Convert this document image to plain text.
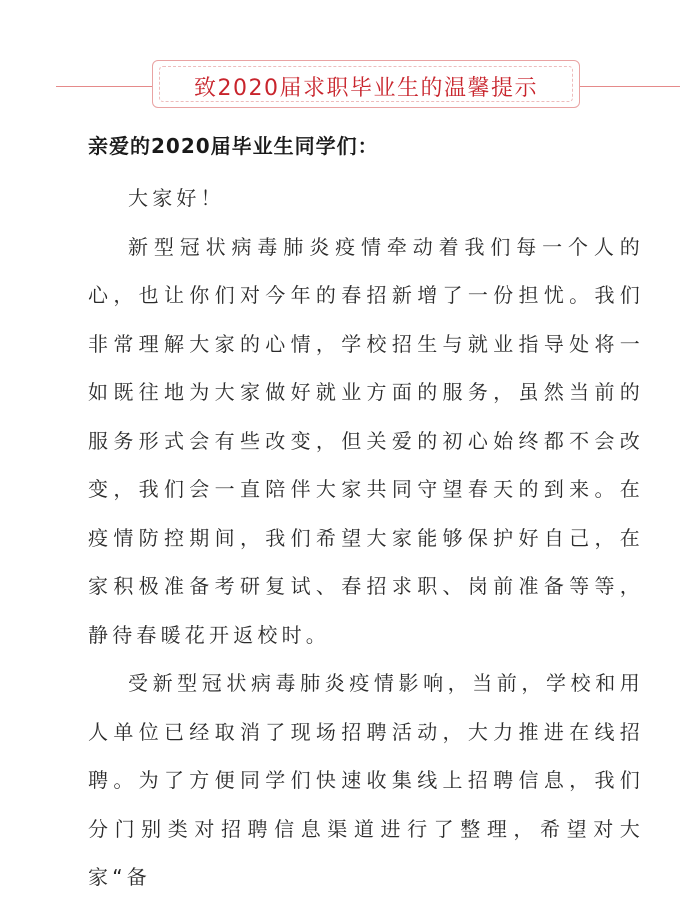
致2020届求职毕业生的温馨提示
亲爱的2020届毕业生同学们：

大家好！

新型冠状病毒肺炎疫情牵动着我们每一个人的心，也让你们对今年的春招新增了一份担忧。我们非常理解大家的心情，学校招生与就业指导处将一如既往地为大家做好就业方面的服务，虽然当前的服务形式会有些改变，但关爱的初心始终都不会改变，我们会一直陪伴大家共同守望春天的到来。在疫情防控期间，我们希望大家能够保护好自己，在家积极准备考研复试、春招求职、岗前准备等等，静待春暖花开返校时。

受新型冠状病毒肺炎疫情影响，当前，学校和用人单位已经取消了现场招聘活动，大力推进在线招聘。为了方便同学们快速收集线上招聘信息，我们分门别类对招聘信息渠道进行了整理，希望对大家“备
